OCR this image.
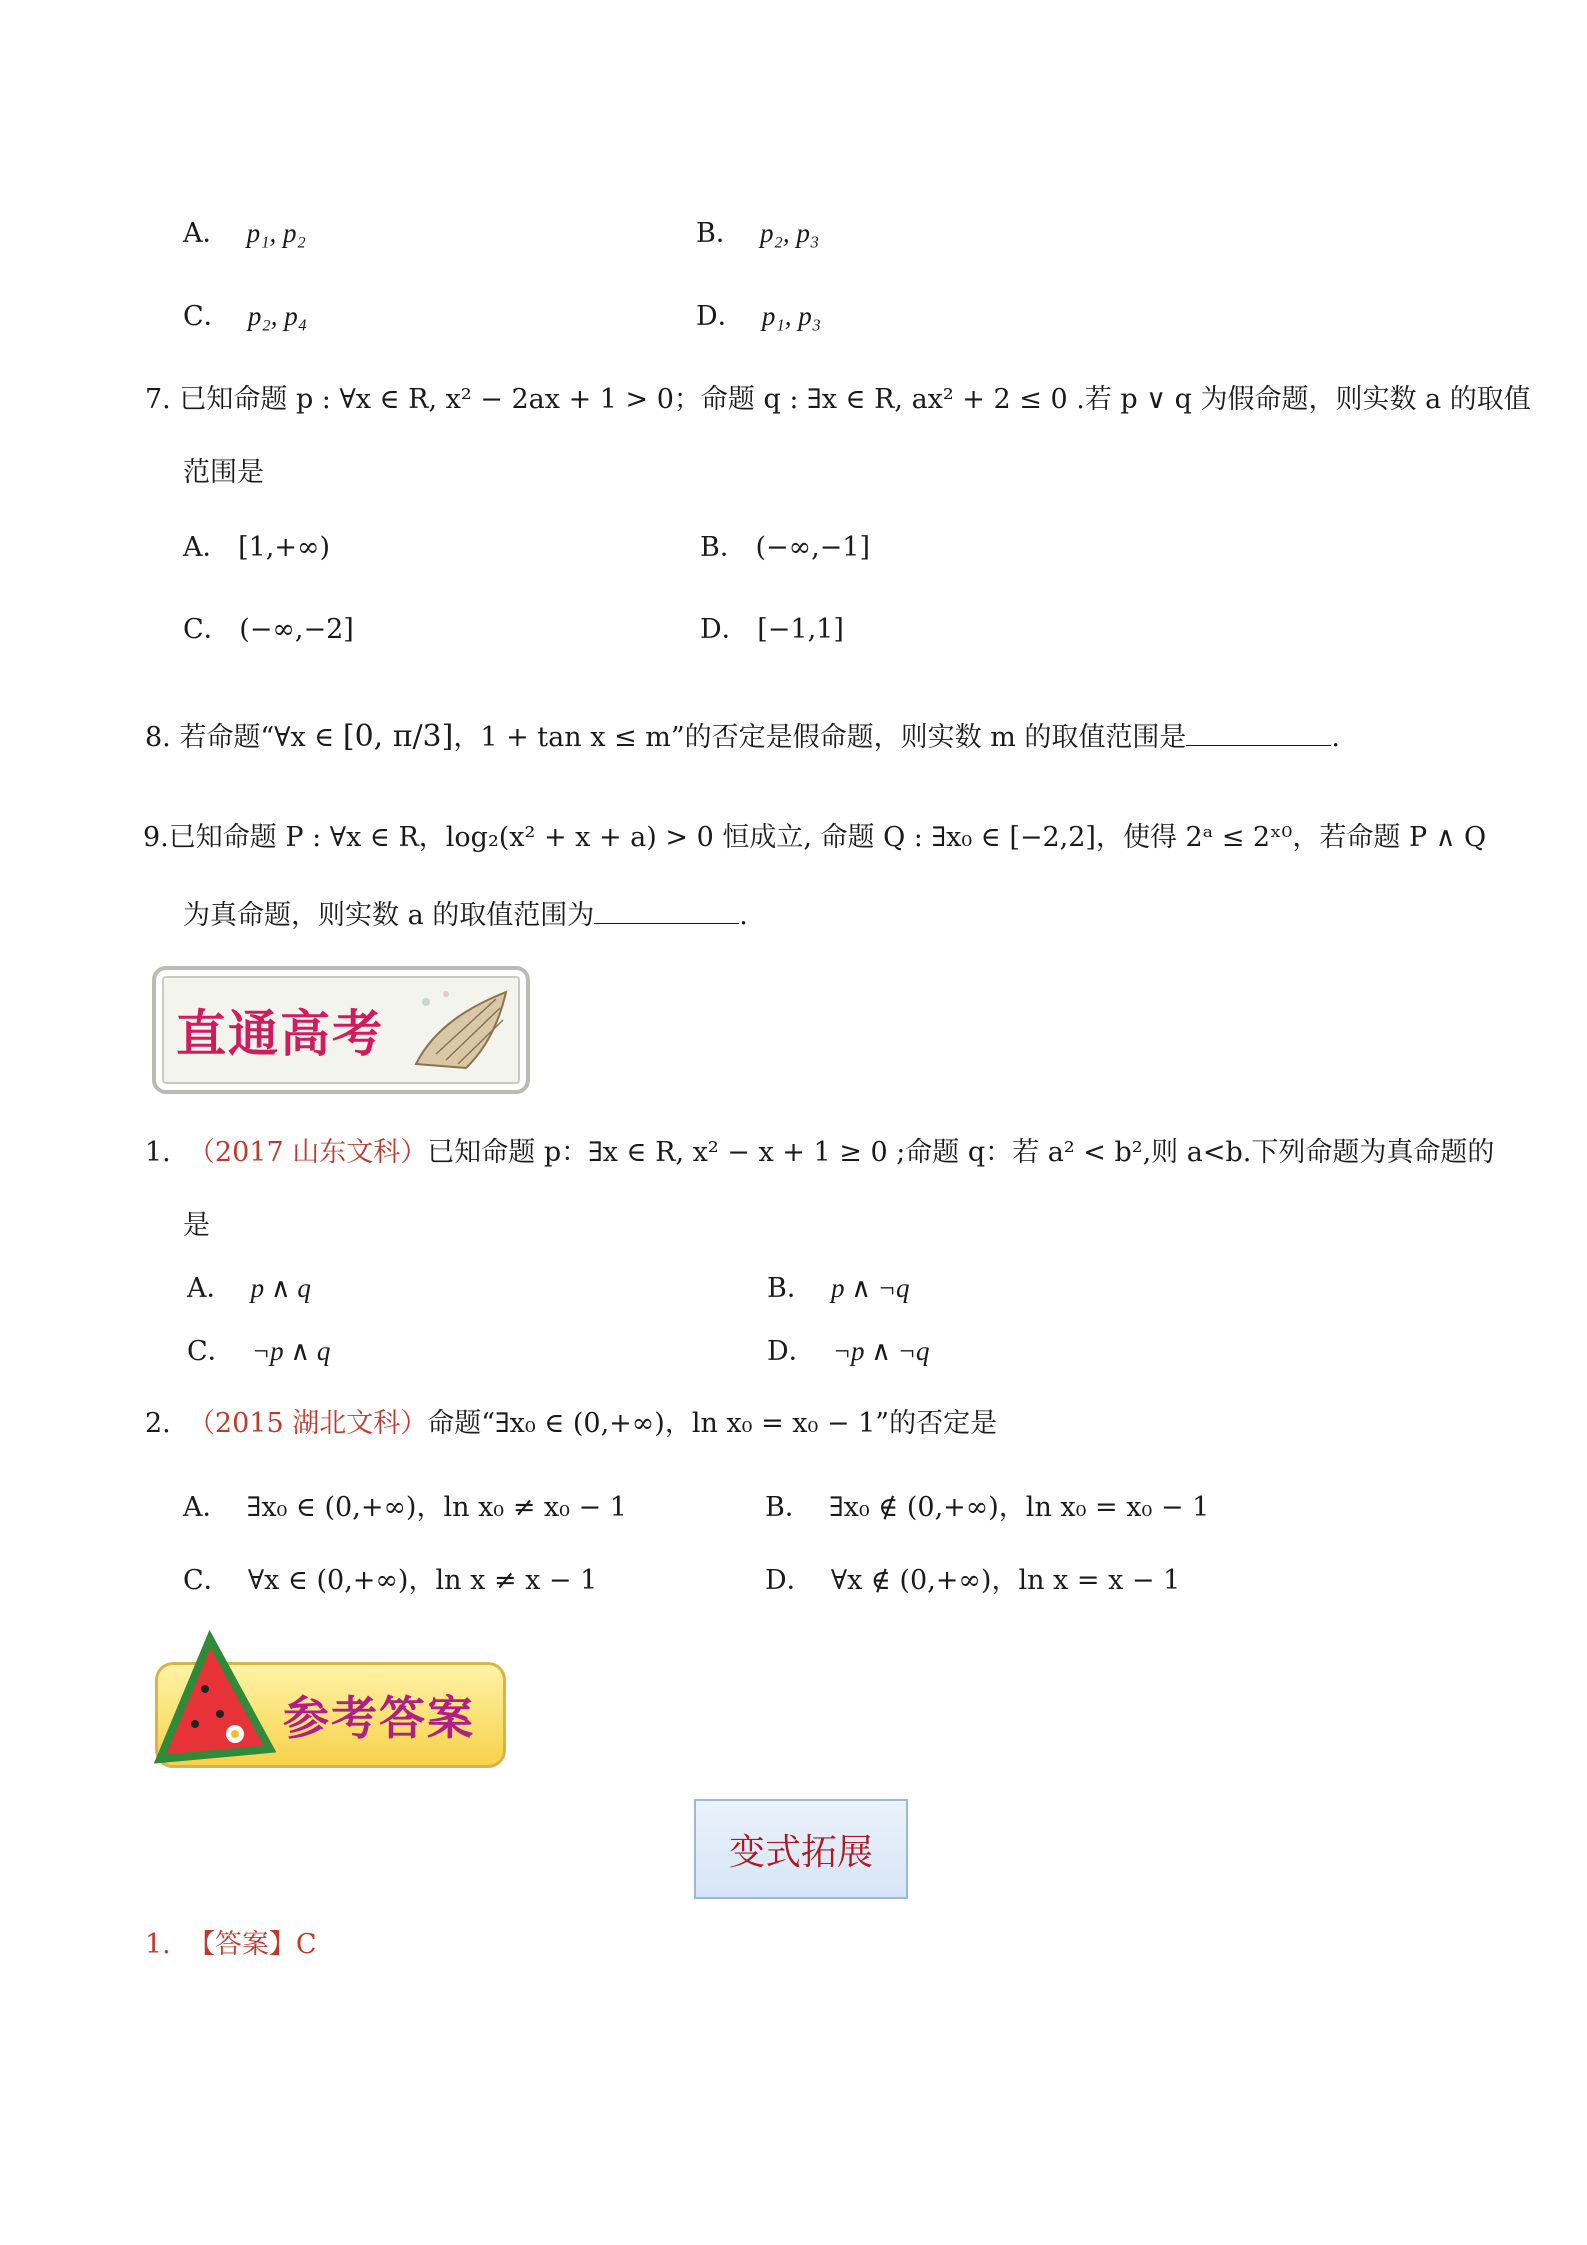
A． p₁, p₂	B． p₂, p₃
C． p₂, p₄	D． p₁, p₃
7. 已知命题 p : ∀x ∈ R, x² − 2ax + 1 > 0；命题 q : ∃x ∈ R, ax² + 2 ≤ 0 .若 p ∨ q 为假命题，则实数 a 的取值
范围是
A． [1,+∞)	B． (−∞,−1]
C． (−∞,−2]	D． [−1,1]
8. 若命题“∀x ∈ [0, π/3]，1 + tan x ≤ m”的否定是假命题，则实数 m 的取值范围是	.
9.已知命题 P : ∀x ∈ R，log₂(x² + x + a) > 0 恒成立, 命题 Q : ∃x₀ ∈ [−2,2]，使得 2ᵃ ≤ 2ˣ⁰，若命题 P ∧ Q
为真命题，则实数 a 的取值范围为	.
直通高考
1. （2017 山东文科）已知命题 p：∃x ∈ R, x² − x + 1 ≥ 0 ;命题 q：若 a² < b²,则 a<b.下列命题为真命题的
是
A． p ∧ q	B． p ∧ ¬q
C． ¬p ∧ q	D． ¬p ∧ ¬q
2. （2015 湖北文科）命题“∃x₀ ∈ (0,+∞)，ln x₀ = x₀ − 1”的否定是
A． ∃x₀ ∈ (0,+∞)，ln x₀ ≠ x₀ − 1	B． ∃x₀ ∉ (0,+∞)，ln x₀ = x₀ − 1
C． ∀x ∈ (0,+∞)，ln x ≠ x − 1	D． ∀x ∉ (0,+∞)，ln x = x − 1
参考答案
变式拓展
1. 【答案】C
